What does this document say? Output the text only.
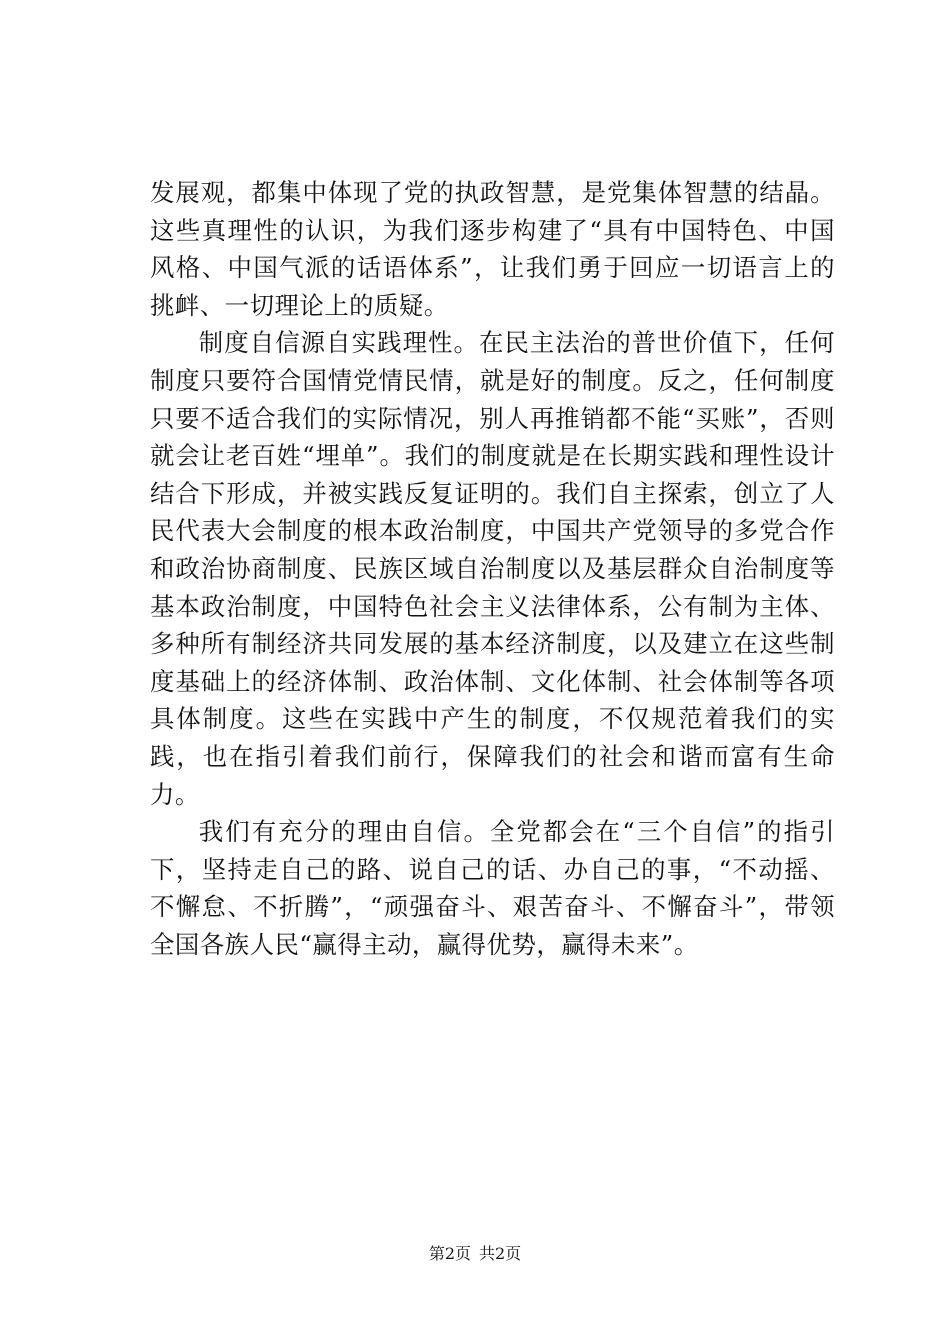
发展观，都集中体现了党的执政智慧，是党集体智慧的结晶。这些真理性的认识，为我们逐步构建了“具有中国特色、中国风格、中国气派的话语体系”，让我们勇于回应一切语言上的挑衅、一切理论上的质疑。

制度自信源自实践理性。在民主法治的普世价值下，任何制度只要符合国情党情民情，就是好的制度。反之，任何制度只要不适合我们的实际情况，别人再推销都不能“买账”，否则就会让老百姓“埋单”。我们的制度就是在长期实践和理性设计结合下形成，并被实践反复证明的。我们自主探索，创立了人民代表大会制度的根本政治制度，中国共产党领导的多党合作和政治协商制度、民族区域自治制度以及基层群众自治制度等基本政治制度，中国特色社会主义法律体系，公有制为主体、多种所有制经济共同发展的基本经济制度，以及建立在这些制度基础上的经济体制、政治体制、文化体制、社会体制等各项具体制度。这些在实践中产生的制度，不仅规范着我们的实践，也在指引着我们前行，保障我们的社会和谐而富有生命力。

我们有充分的理由自信。全党都会在“三个自信”的指引下，坚持走自己的路、说自己的话、办自己的事，“不动摇、不懈怠、不折腾”，“顽强奋斗、艰苦奋斗、不懈奋斗”，带领全国各族人民“赢得主动，赢得优势，赢得未来”。

第2页 共2页
